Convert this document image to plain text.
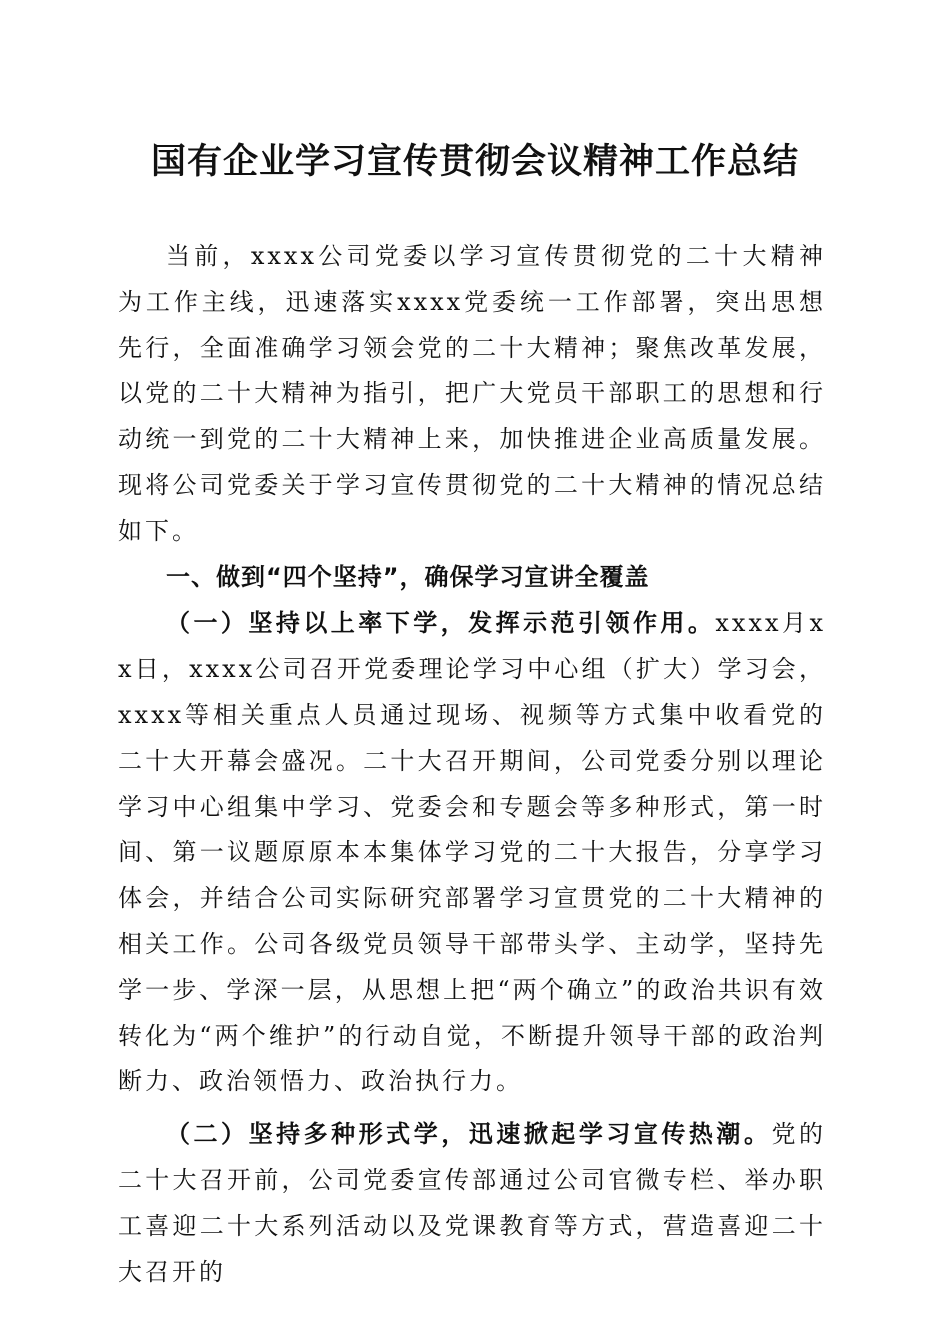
国有企业学习宣传贯彻会议精神工作总结

当前，xxxx公司党委以学习宣传贯彻党的二十大精神为工作主线，迅速落实xxxx党委统一工作部署，突出思想先行，全面准确学习领会党的二十大精神；聚焦改革发展，以党的二十大精神为指引，把广大党员干部职工的思想和行动统一到党的二十大精神上来，加快推进企业高质量发展。现将公司党委关于学习宣传贯彻党的二十大精神的情况总结如下。

一、做到“四个坚持”，确保学习宣讲全覆盖

（一）坚持以上率下学，发挥示范引领作用。xxxx月xx日，xxxx公司召开党委理论学习中心组（扩大）学习会，xxxx等相关重点人员通过现场、视频等方式集中收看党的二十大开幕会盛况。二十大召开期间，公司党委分别以理论学习中心组集中学习、党委会和专题会等多种形式，第一时间、第一议题原原本本集体学习党的二十大报告，分享学习体会，并结合公司实际研究部署学习宣贯党的二十大精神的相关工作。公司各级党员领导干部带头学、主动学，坚持先学一步、学深一层，从思想上把“两个确立”的政治共识有效转化为“两个维护”的行动自觉，不断提升领导干部的政治判断力、政治领悟力、政治执行力。

（二）坚持多种形式学，迅速掀起学习宣传热潮。党的二十大召开前，公司党委宣传部通过公司官微专栏、举办职工喜迎二十大系列活动以及党课教育等方式，营造喜迎二十大召开的
